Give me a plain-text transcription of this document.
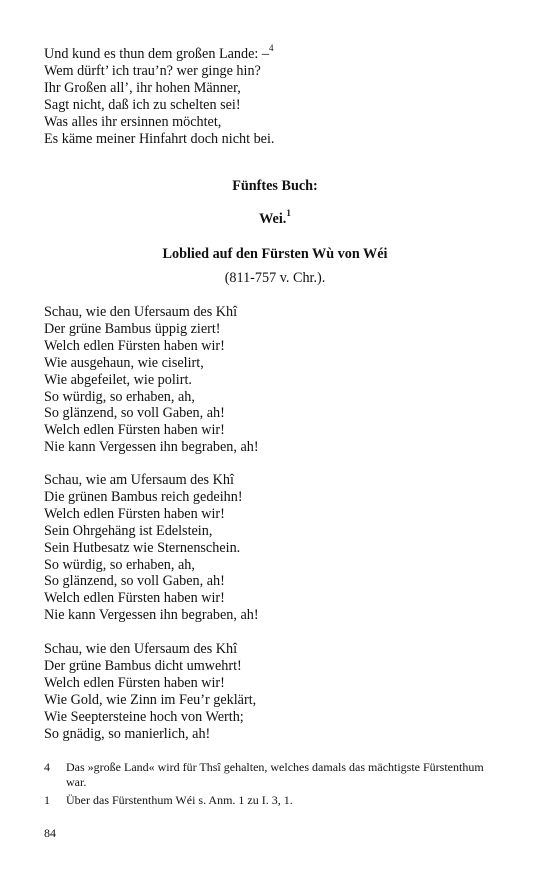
Und kund es thun dem großen Lande: –$^4$
Wem dürft’ ich trau’n? wer ginge hin?
Ihr Großen all’, ihr hohen Männer,
Sagt nicht, daß ich zu schelten sei!
Was alles ihr ersinnen möchtet,
Es käme meiner Hinfahrt doch nicht bei.
Fünftes Buch:
Wei.$^1$
Loblied auf den Fürsten Wù von Wéi
(811-757 v. Chr.).
Schau, wie den Ufersaum des Khî
Der grüne Bambus üppig ziert!
Welch edlen Fürsten haben wir!
Wie ausgehaun, wie ciselirt,
Wie abgefeilet, wie polirt.
So würdig, so erhaben, ah,
So glänzend, so voll Gaben, ah!
Welch edlen Fürsten haben wir!
Nie kann Vergessen ihn begraben, ah!
Schau, wie am Ufersaum des Khî
Die grünen Bambus reich gedeihn!
Welch edlen Fürsten haben wir!
Sein Ohrgehäng ist Edelstein,
Sein Hutbesatz wie Sternenschein.
So würdig, so erhaben, ah,
So glänzend, so voll Gaben, ah!
Welch edlen Fürsten haben wir!
Nie kann Vergessen ihn begraben, ah!
Schau, wie den Ufersaum des Khî
Der grüne Bambus dicht umwehrt!
Welch edlen Fürsten haben wir!
Wie Gold, wie Zinn im Feu’r geklärt,
Wie Seeptersteine hoch von Werth;
So gnädig, so manierlich, ah!
4	Das »große Land« wird für Thsî gehalten, welches damals das mächtigste Fürstenthum war.
1	Über das Fürstenthum Wéi s. Anm. 1 zu I. 3, 1.
84
